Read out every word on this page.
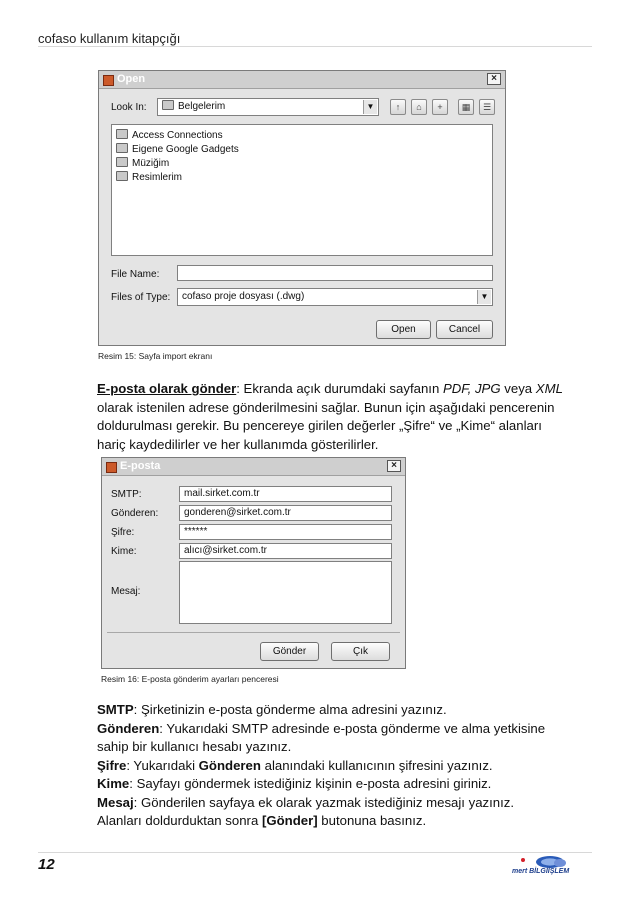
cofaso kullanım kitapçığı
Open	×
Look In:	Belgelerim	▼	↑	⌂	+	▦	☰
Access Connections
Eigene Google Gadgets
Müziğim
Resimlerim
File Name:
Files of Type:	cofaso proje dosyası (.dwg)	▼
Open	Cancel
Resim 15: Sayfa import ekranı
E-posta olarak gönder: Ekranda açık durumdaki sayfanın PDF, JPG veya XML
olarak istenilen adrese gönderilmesini sağlar. Bunun için aşağıdaki pencerenin
doldurulması gerekir. Bu pencereye girilen değerler „Şifre“ ve „Kime“ alanları
hariç kaydedilirler ve her kullanımda gösterilirler.
E-posta	×
SMTP:	mail.sirket.com.tr
Gönderen:	gonderen@sirket.com.tr
Şifre:	******
Kime:	alıcı@sirket.com.tr
Mesaj:
Gönder	Çık
Resim 16: E-posta gönderim ayarları penceresi
SMTP: Şirketinizin e-posta gönderme alma adresini yazınız.
Gönderen: Yukarıdaki SMTP adresinde e-posta gönderme ve alma yetkisine
sahip bir kullanıcı hesabı yazınız.
Şifre: Yukarıdaki Gönderen alanındaki kullanıcının şifresini yazınız.
Kime: Sayfayı göndermek istediğiniz kişinin e-posta adresini giriniz.
Mesaj: Gönderilen sayfaya ek olarak yazmak istediğiniz mesajı yazınız.
Alanları doldurduktan sonra [Gönder] butonuna basınız.
12	mert BİLGİİŞLEM
